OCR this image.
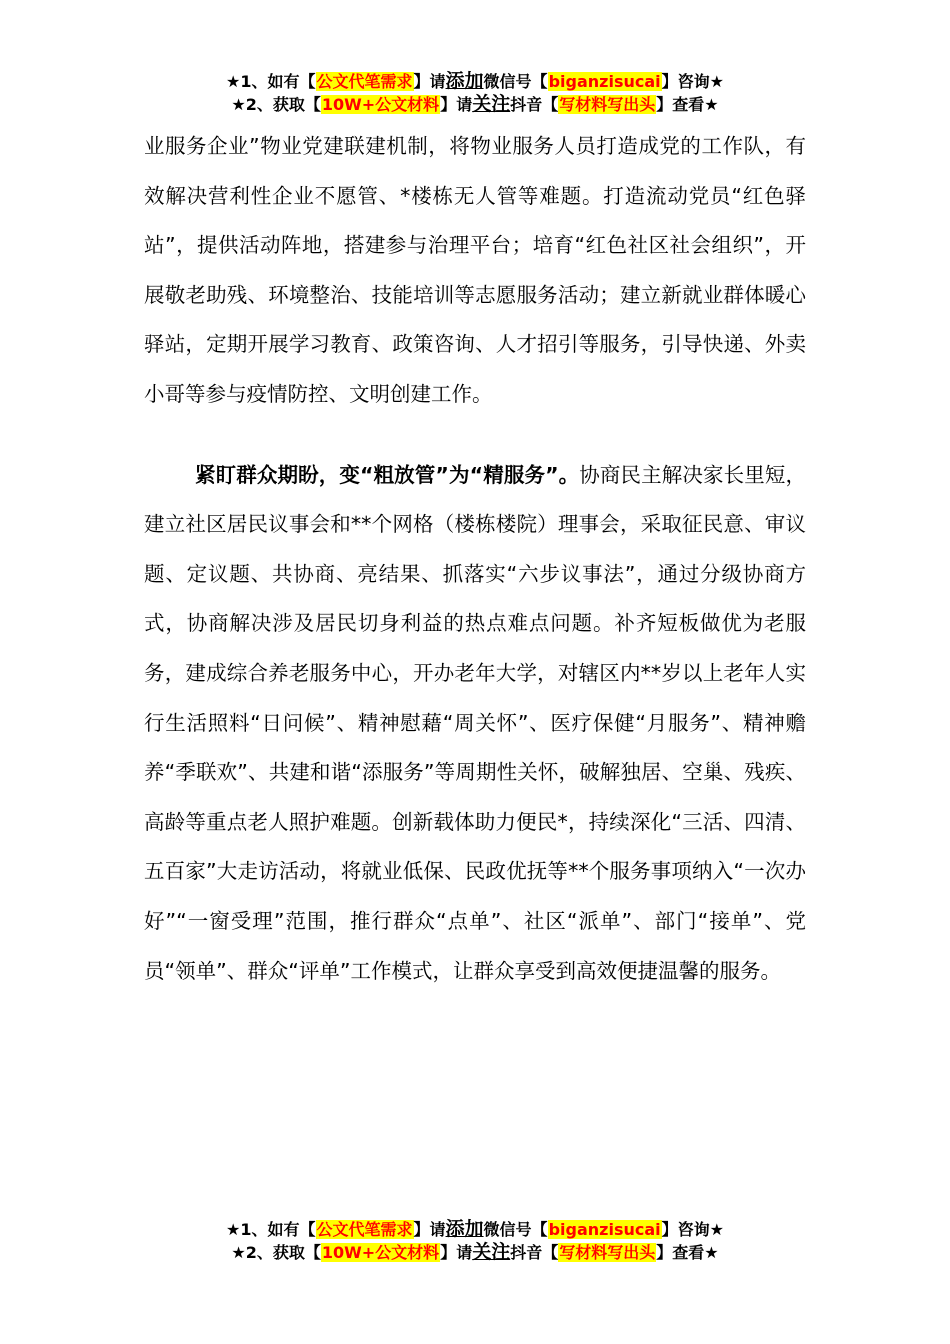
★1、如有【公文代笔需求】请添加微信号【biganzisucai】咨询★
★2、获取【10W+公文材料】请关注抖音【写材料写出头】查看★

业服务企业”物业党建联建机制，将物业服务人员打造成党的工作队，有效解决营利性企业不愿管、*楼栋无人管等难题。打造流动党员“红色驿站”，提供活动阵地，搭建参与治理平台；培育“红色社区社会组织”，开展敬老助残、环境整治、技能培训等志愿服务活动；建立新就业群体暖心驿站，定期开展学习教育、政策咨询、人才招引等服务，引导快递、外卖小哥等参与疫情防控、文明创建工作。

紧盯群众期盼，变“粗放管”为“精服务”。协商民主解决家长里短，建立社区居民议事会和**个网格（楼栋楼院）理事会，采取征民意、审议题、定议题、共协商、亮结果、抓落实“六步议事法”，通过分级协商方式，协商解决涉及居民切身利益的热点难点问题。补齐短板做优为老服务，建成综合养老服务中心，开办老年大学，对辖区内**岁以上老年人实行生活照料“日问候”、精神慰藉“周关怀”、医疗保健“月服务”、精神赡养“季联欢”、共建和谐“添服务”等周期性关怀，破解独居、空巢、残疾、高龄等重点老人照护难题。创新载体助力便民*，持续深化“三活、四清、五百家”大走访活动，将就业低保、民政优抚等**个服务事项纳入“一次办好”“一窗受理”范围，推行群众“点单”、社区“派单”、部门“接单”、党员“领单”、群众“评单”工作模式，让群众享受到高效便捷温馨的服务。

★1、如有【公文代笔需求】请添加微信号【biganzisucai】咨询★
★2、获取【10W+公文材料】请关注抖音【写材料写出头】查看★
